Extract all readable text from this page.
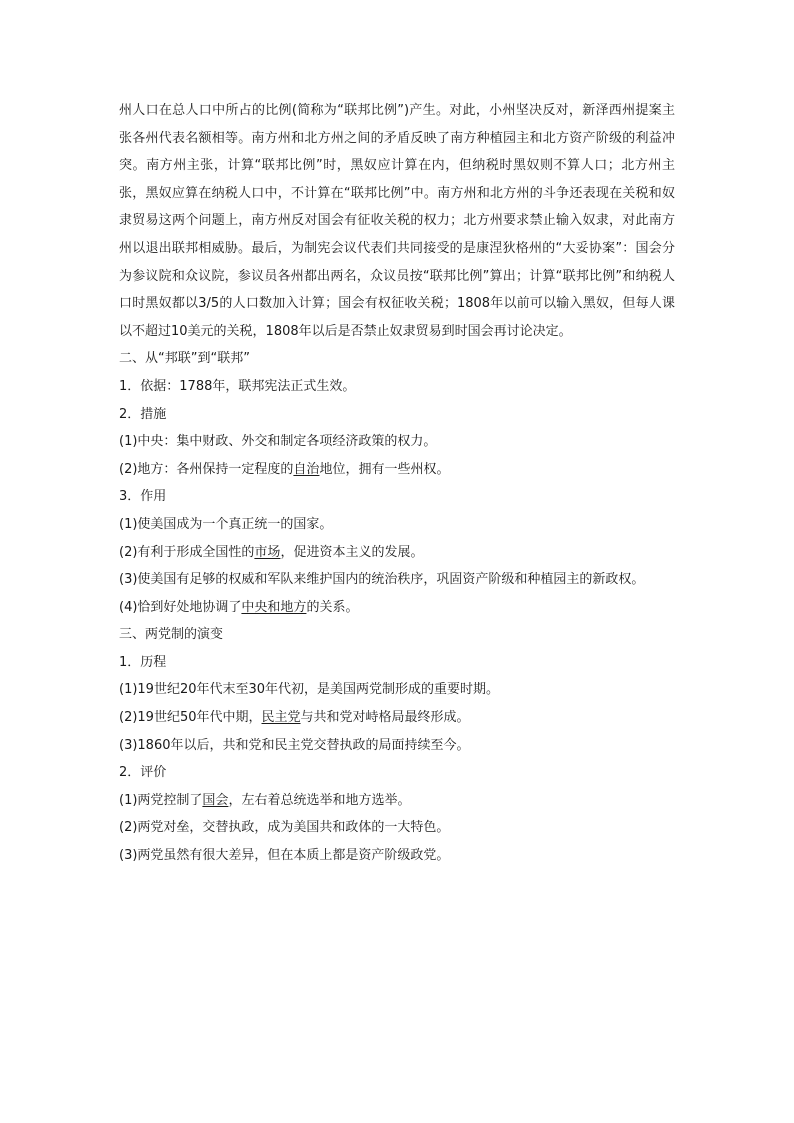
州人口在总人口中所占的比例(简称为“联邦比例”)产生。对此，小州坚决反对，新泽西州提案主张各州代表名额相等。南方州和北方州之间的矛盾反映了南方种植园主和北方资产阶级的利益冲突。南方州主张，计算“联邦比例”时，黑奴应计算在内，但纳税时黑奴则不算人口；北方州主张，黑奴应算在纳税人口中，不计算在“联邦比例”中。南方州和北方州的斗争还表现在关税和奴隶贸易这两个问题上，南方州反对国会有征收关税的权力；北方州要求禁止输入奴隶，对此南方州以退出联邦相威胁。最后，为制宪会议代表们共同接受的是康涅狄格州的“大妥协案”：国会分为参议院和众议院，参议员各州都出两名，众议员按“联邦比例”算出；计算“联邦比例”和纳税人口时黑奴都以3/5的人口数加入计算；国会有权征收关税；1808年以前可以输入黑奴，但每人课以不超过10美元的关税，1808年以后是否禁止奴隶贸易到时国会再讨论决定。

二、从“邦联”到“联邦”

1．依据：1788年，联邦宪法正式生效。

2．措施

(1)中央：集中财政、外交和制定各项经济政策的权力。

(2)地方：各州保持一定程度的自治地位，拥有一些州权。

3．作用

(1)使美国成为一个真正统一的国家。

(2)有利于形成全国性的市场，促进资本主义的发展。

(3)使美国有足够的权威和军队来维护国内的统治秩序，巩固资产阶级和种植园主的新政权。

(4)恰到好处地协调了中央和地方的关系。

三、两党制的演变

1．历程

(1)19世纪20年代末至30年代初，是美国两党制形成的重要时期。

(2)19世纪50年代中期，民主党与共和党对峙格局最终形成。

(3)1860年以后，共和党和民主党交替执政的局面持续至今。

2．评价

(1)两党控制了国会，左右着总统选举和地方选举。

(2)两党对垒，交替执政，成为美国共和政体的一大特色。

(3)两党虽然有很大差异，但在本质上都是资产阶级政党。
